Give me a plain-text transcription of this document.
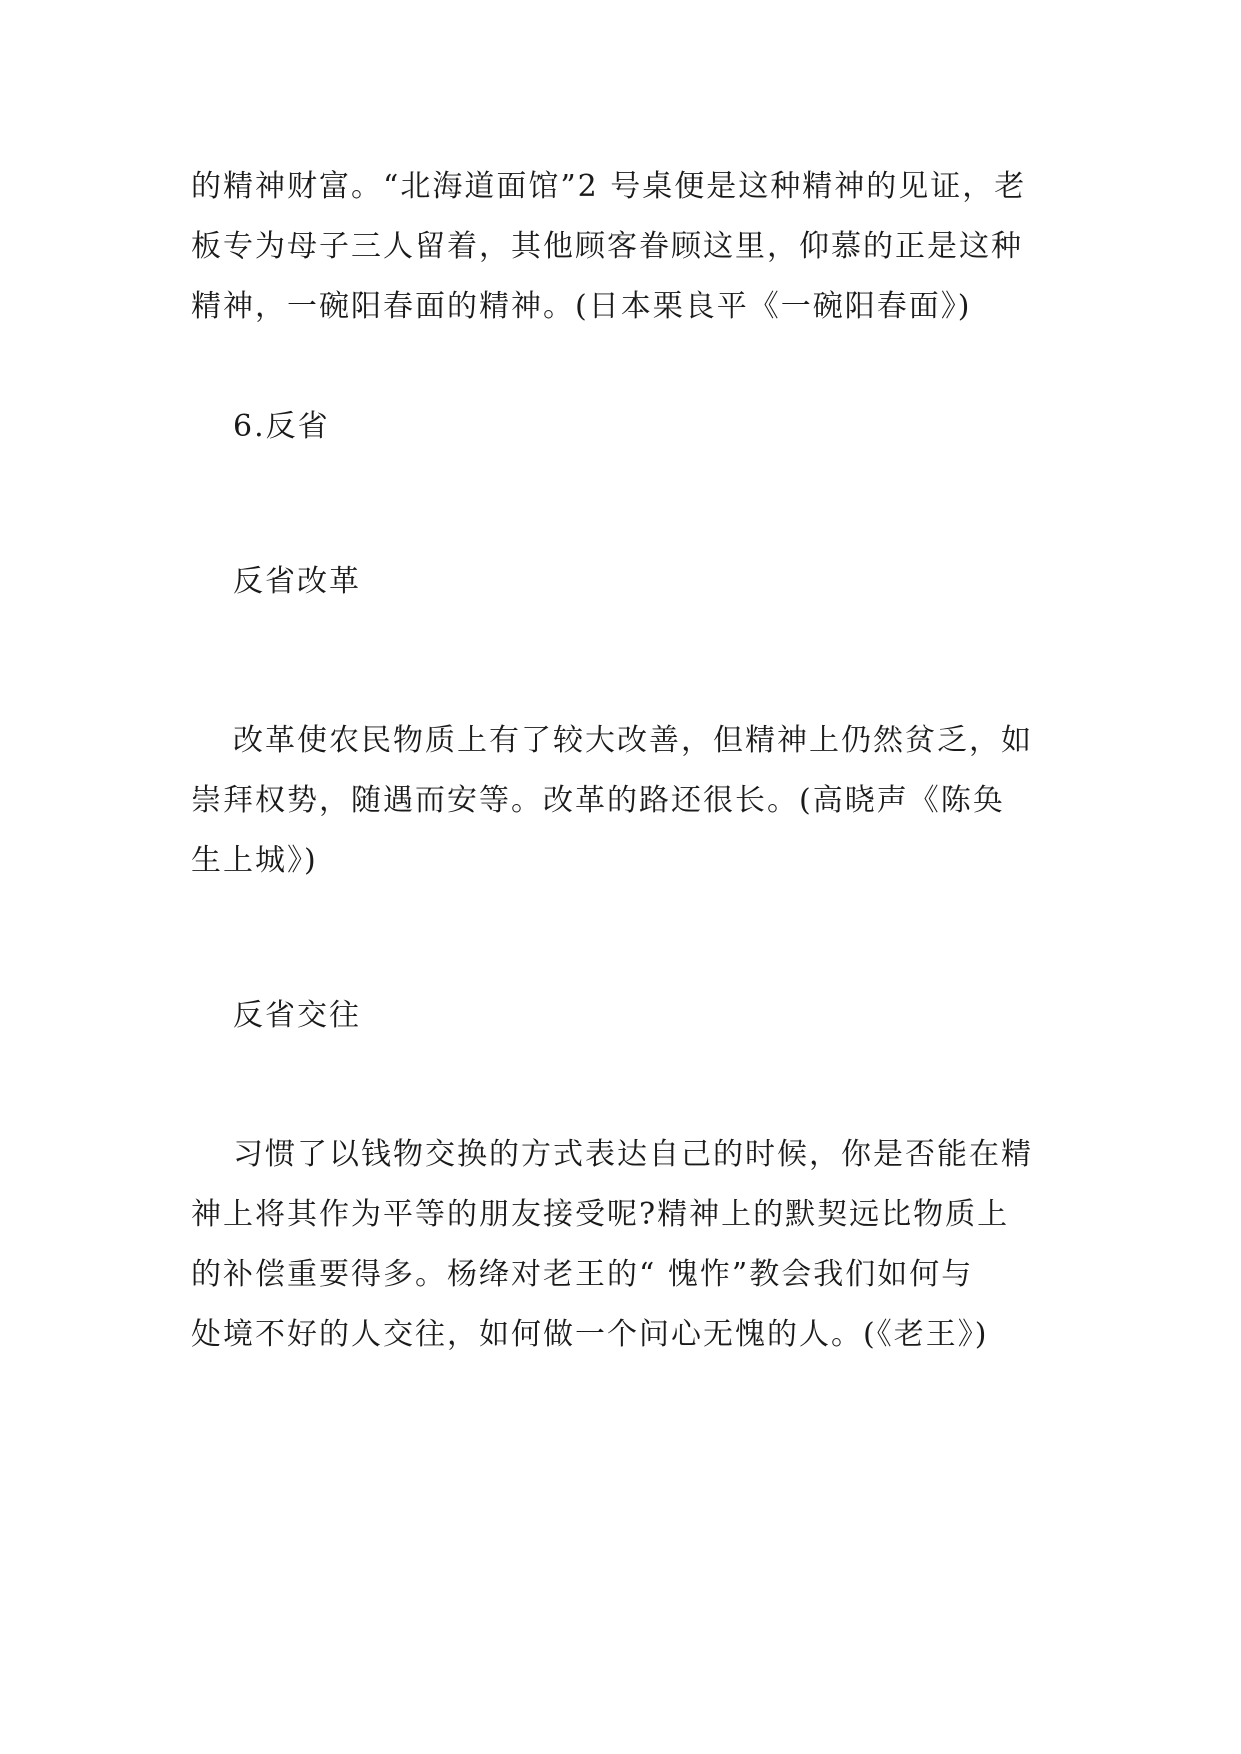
的精神财富。“北海道面馆”2 号桌便是这种精神的见证，老
板专为母子三人留着，其他顾客眷顾这里，仰慕的正是这种
精神，一碗阳春面的精神。(日本栗良平《一碗阳春面》)
6.反省
反省改革
改革使农民物质上有了较大改善，但精神上仍然贫乏，如
崇拜权势，随遇而安等。改革的路还很长。(高晓声《陈奂
生上城》)
反省交往
习惯了以钱物交换的方式表达自己的时候，你是否能在精
神上将其作为平等的朋友接受呢?精神上的默契远比物质上
的补偿重要得多。杨绛对老王的“ 愧怍”教会我们如何与
处境不好的人交往，如何做一个问心无愧的人。(《老王》)
